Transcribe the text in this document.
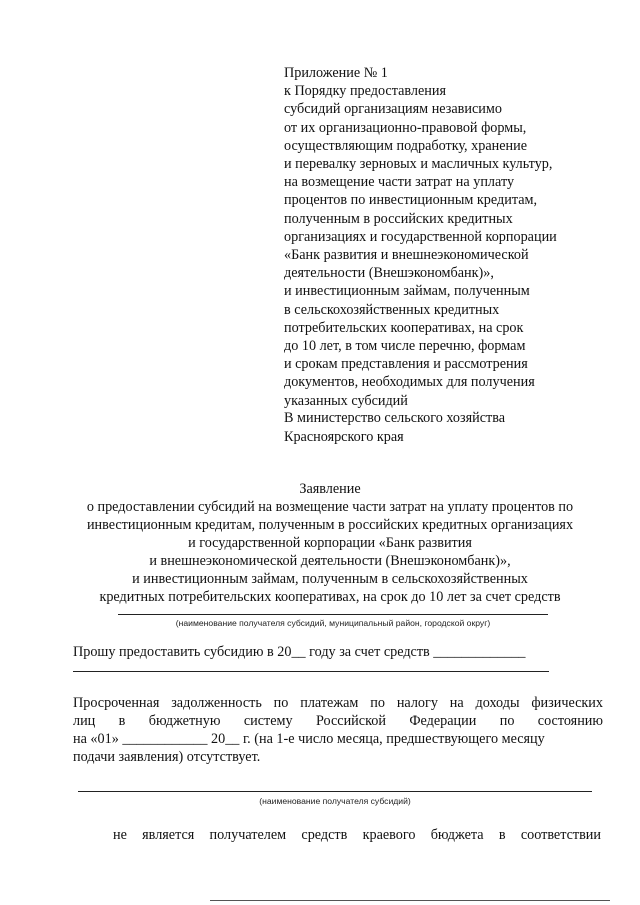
Приложение № 1
к Порядку предоставления
субсидий организациям независимо
от их организационно-правовой формы,
осуществляющим подработку, хранение
и перевалку зерновых и масличных культур,
на возмещение части затрат на уплату
процентов по инвестиционным кредитам,
полученным в российских кредитных
организациях и государственной корпорации
«Банк развития и внешнеэкономической
деятельности (Внешэкономбанк)»,
и инвестиционным займам, полученным
в сельскохозяйственных кредитных
потребительских кооперативах, на срок
до 10 лет, в том числе перечню, формам
и срокам представления и рассмотрения
документов, необходимых для получения
указанных субсидий
В министерство сельского хозяйства
Красноярского края
Заявление
о предоставлении субсидий на возмещение части затрат на уплату процентов по
инвестиционным кредитам, полученным в российских кредитных организациях
и государственной корпорации «Банк развития
и внешнеэкономической деятельности (Внешэкономбанк)»,
и инвестиционным займам, полученным в сельскохозяйственных
кредитных потребительских кооперативах, на срок до 10 лет за счет средств
(наименование получателя субсидий, муниципальный район, городской округ)
Прошу предоставить субсидию в 20__ году за счет средств _____________
Просроченная задолженность по платежам по налогу на доходы физических
лиц в бюджетную систему Российской Федерации по состоянию
на «01» ____________ 20__ г. (на 1-е число месяца, предшествующего месяцу
подачи заявления) отсутствует.
(наименование получателя субсидий)
не является получателем средств краевого бюджета в соответствии
